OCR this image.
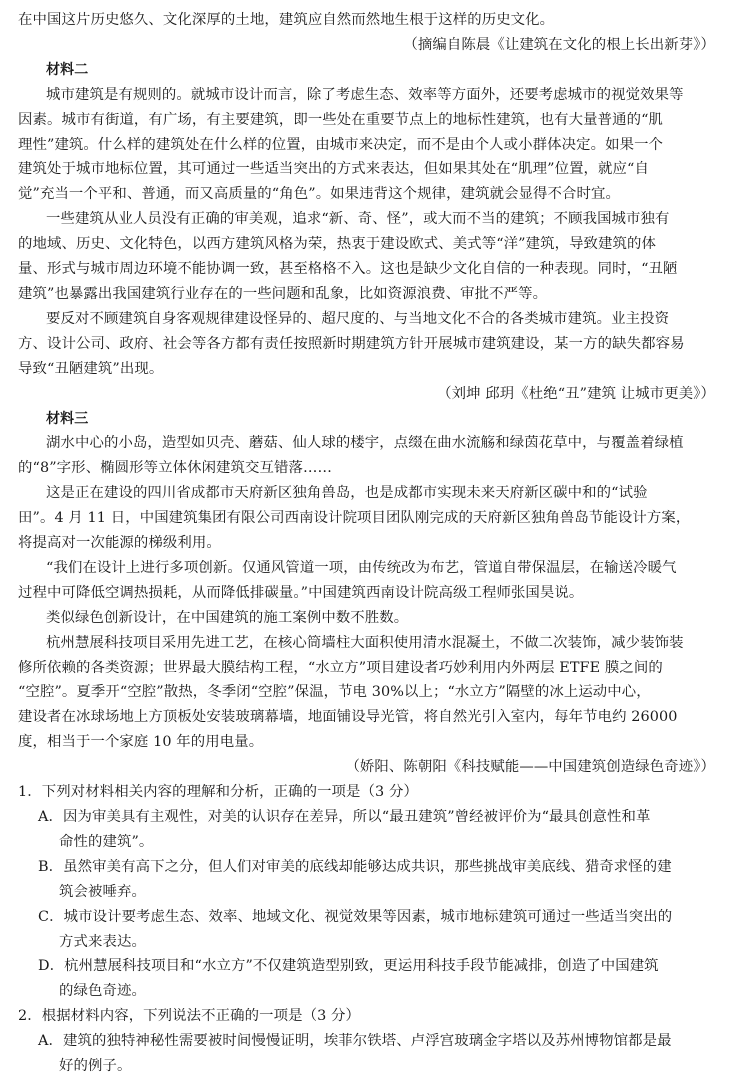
在中国这片历史悠久、文化深厚的土地，建筑应自然而然地生根于这样的历史文化。
（摘编自陈晨《让建筑在文化的根上长出新芽》）
材料二
城市建筑是有规则的。就城市设计而言，除了考虑生态、效率等方面外，还要考虑城市的视觉效果等
因素。城市有街道，有广场，有主要建筑，即一些处在重要节点上的地标性建筑，也有大量普通的“肌
理性”建筑。什么样的建筑处在什么样的位置，由城市来决定，而不是由个人或小群体决定。如果一个
建筑处于城市地标位置，其可通过一些适当突出的方式来表达，但如果其处在“肌理”位置，就应“自
觉”充当一个平和、普通，而又高质量的“角色”。如果违背这个规律，建筑就会显得不合时宜。
一些建筑从业人员没有正确的审美观，追求“新、奇、怪”，或大而不当的建筑；不顾我国城市独有
的地域、历史、文化特色，以西方建筑风格为荣，热衷于建设欧式、美式等“洋”建筑，导致建筑的体
量、形式与城市周边环境不能协调一致，甚至格格不入。这也是缺少文化自信的一种表现。同时，“丑陋
建筑”也暴露出我国建筑行业存在的一些问题和乱象，比如资源浪费、审批不严等。
要反对不顾建筑自身客观规律建设怪异的、超尺度的、与当地文化不合的各类城市建筑。业主投资
方、设计公司、政府、社会等各方都有责任按照新时期建筑方针开展城市建筑建设，某一方的缺失都容易
导致“丑陋建筑”出现。
（刘坤 邱玥《杜绝“丑”建筑 让城市更美》）
材料三
湖水中心的小岛，造型如贝壳、蘑菇、仙人球的楼宇，点缀在曲水流觞和绿茵花草中，与覆盖着绿植
的“8”字形、椭圆形等立体休闲建筑交互错落……
这是正在建设的四川省成都市天府新区独角兽岛，也是成都市实现未来天府新区碳中和的“试验
田”。4 月 11 日，中国建筑集团有限公司西南设计院项目团队刚完成的天府新区独角兽岛节能设计方案，
将提高对一次能源的梯级利用。
“我们在设计上进行多项创新。仅通风管道一项，由传统改为布艺，管道自带保温层，在输送冷暖气
过程中可降低空调热损耗，从而降低排碳量。”中国建筑西南设计院高级工程师张国昊说。
类似绿色创新设计，在中国建筑的施工案例中数不胜数。
杭州慧展科技项目采用先进工艺，在核心筒墙柱大面积使用清水混凝土，不做二次装饰，减少装饰装
修所依赖的各类资源；世界最大膜结构工程，“水立方”项目建设者巧妙利用内外两层 ETFE 膜之间的
“空腔”。夏季开“空腔”散热，冬季闭“空腔”保温，节电 30%以上；“水立方”隔壁的冰上运动中心，
建设者在冰球场地上方顶板处安装玻璃幕墙，地面铺设导光管，将自然光引入室内，每年节电约 26000
度，相当于一个家庭 10 年的用电量。
（娇阳、陈朝阳《科技赋能——中国建筑创造绿色奇迹》）
1．下列对材料相关内容的理解和分析，正确的一项是（3 分）
A．因为审美具有主观性，对美的认识存在差异，所以“最丑建筑”曾经被评价为“最具创意性和革
命性的建筑”。
B．虽然审美有高下之分，但人们对审美的底线却能够达成共识，那些挑战审美底线、猎奇求怪的建
筑会被唾弃。
C．城市设计要考虑生态、效率、地域文化、视觉效果等因素，城市地标建筑可通过一些适当突出的
方式来表达。
D．杭州慧展科技项目和“水立方”不仅建筑造型别致，更运用科技手段节能减排，创造了中国建筑
的绿色奇迹。
2．根据材料内容，下列说法不正确的一项是（3 分）
A．建筑的独特神秘性需要被时间慢慢证明，埃菲尔铁塔、卢浮宫玻璃金字塔以及苏州博物馆都是最
好的例子。
